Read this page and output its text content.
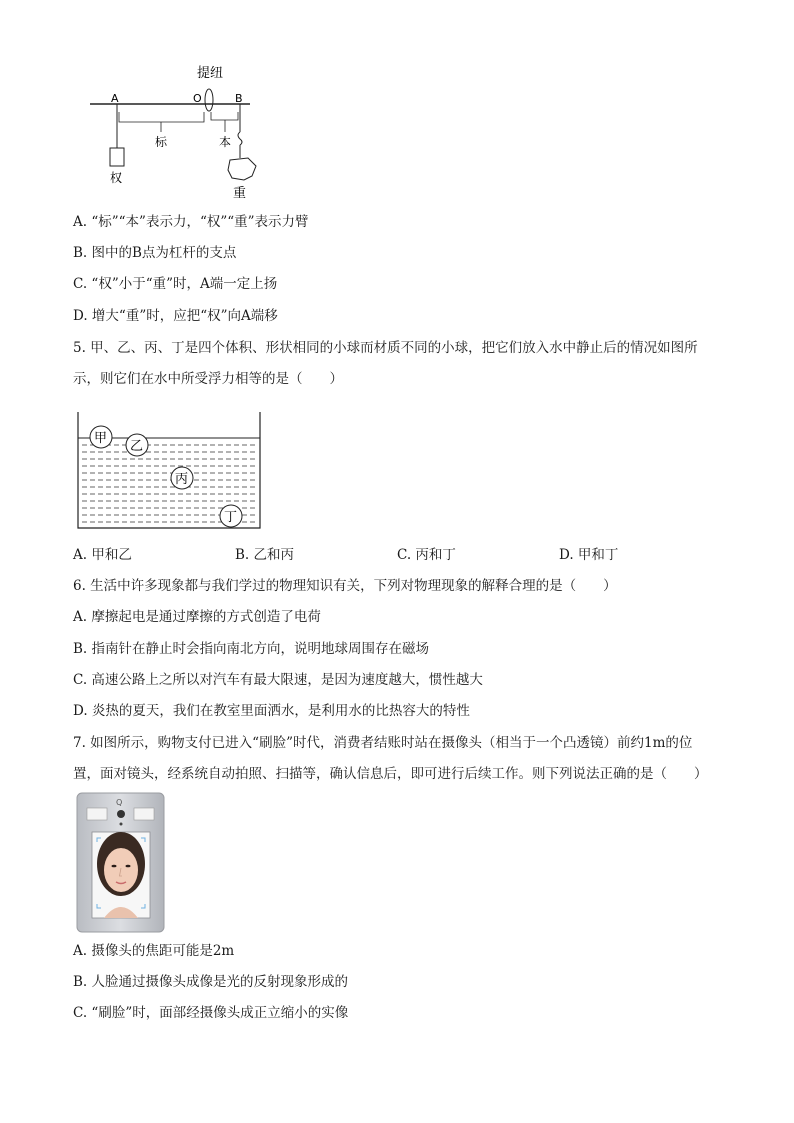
提纽
A	O	B
标	本
权
重
A. “标”“本”表示力，“权”“重”表示力臂
B. 图中的B点为杠杆的支点
C. “权”小于“重”时，A端一定上扬
D. 增大“重”时，应把“权”向A端移
5. 甲、乙、丙、丁是四个体积、形状相同的小球而材质不同的小球，把它们放入水中静止后的情况如图所
示，则它们在水中所受浮力相等的是（　　）
甲
乙
丙
丁
A. 甲和乙	B. 乙和丙	C. 丙和丁	D. 甲和丁
6. 生活中许多现象都与我们学过的物理知识有关，下列对物理现象的解释合理的是（　　）
A. 摩擦起电是通过摩擦的方式创造了电荷
B. 指南针在静止时会指向南北方向，说明地球周围存在磁场
C. 高速公路上之所以对汽车有最大限速，是因为速度越大，惯性越大
D. 炎热的夏天，我们在教室里面洒水，是利用水的比热容大的特性
7. 如图所示，购物支付已进入“刷脸”时代，消费者结账时站在摄像头（相当于一个凸透镜）前约1m的位
置，面对镜头，经系统自动拍照、扫描等，确认信息后，即可进行后续工作。则下列说法正确的是（　　）
Q
A. 摄像头的焦距可能是2m
B. 人脸通过摄像头成像是光的反射现象形成的
C. “刷脸”时，面部经摄像头成正立缩小的实像
